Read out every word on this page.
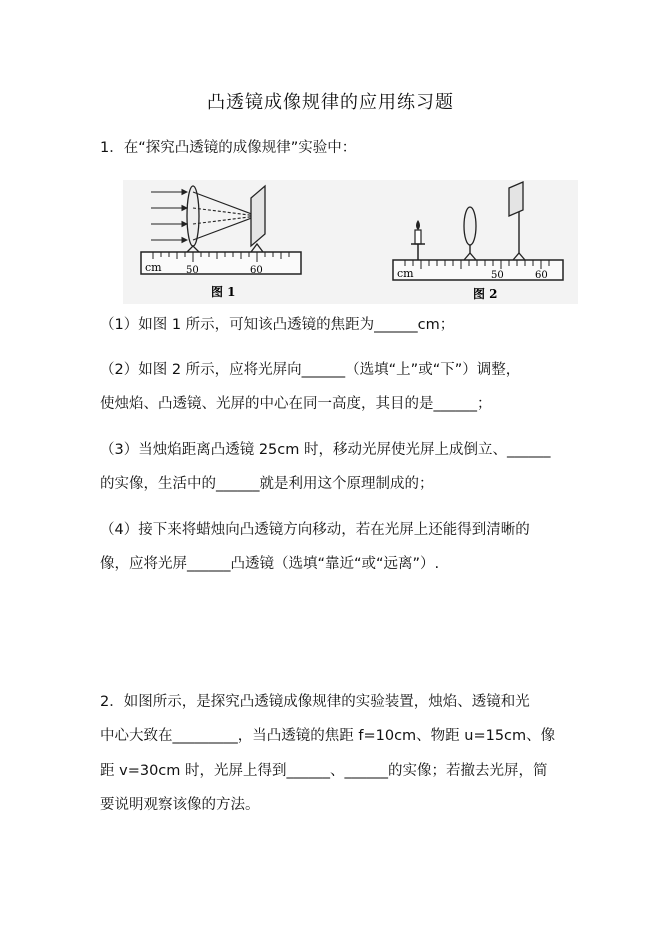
凸透镜成像规律的应用练习题
1．在“探究凸透镜的成像规律”实验中：
cm 50	60
图 1
cm	50	60
图 2
（1）如图 1 所示，可知该凸透镜的焦距为______cm；
（2）如图 2 所示，应将光屏向______（选填“上”或“下”）调整，
使烛焰、凸透镜、光屏的中心在同一高度，其目的是______；
（3）当烛焰距离凸透镜 25cm 时，移动光屏使光屏上成倒立、______
的实像，生活中的______就是利用这个原理制成的；
（4）接下来将蜡烛向凸透镜方向移动，若在光屏上还能得到清晰的
像，应将光屏______凸透镜（选填“靠近“或“远离”）.
2．如图所示，是探究凸透镜成像规律的实验装置，烛焰、透镜和光
中心大致在_________，当凸透镜的焦距 f=10cm、物距 u=15cm、像
距 v=30cm 时，光屏上得到______、______的实像；若撤去光屏，简
要说明观察该像的方法。
